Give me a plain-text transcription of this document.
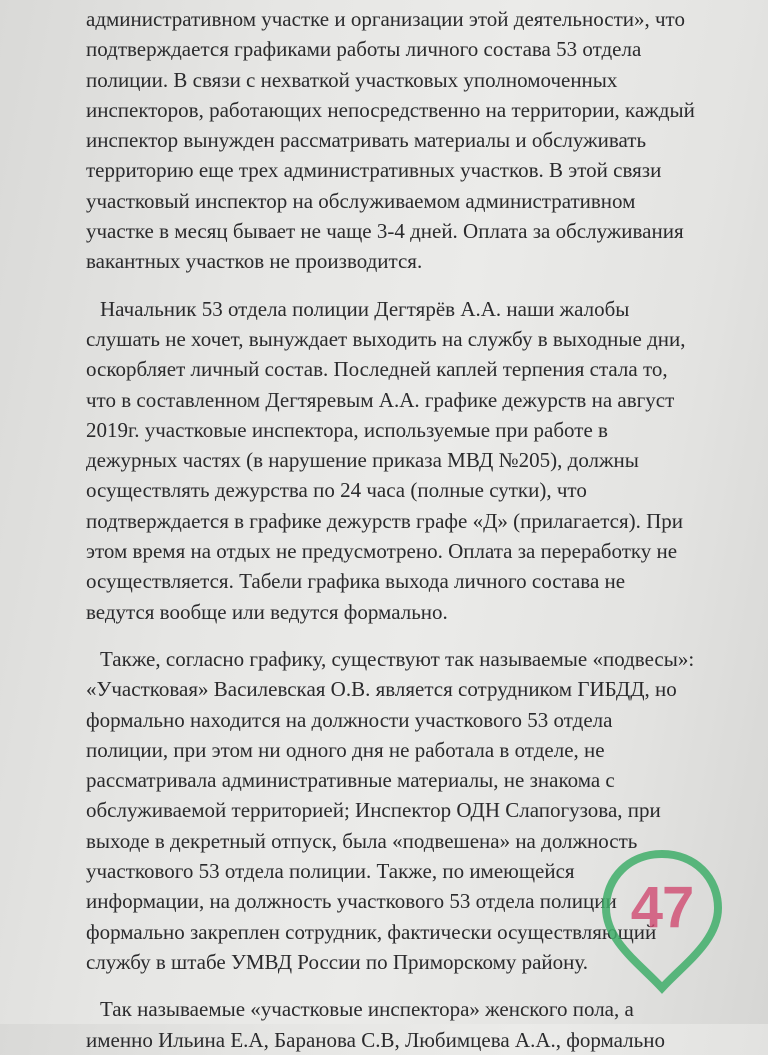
административном участке и организации этой деятельности», что
подтверждается графиками работы личного состава 53 отдела
полиции. В связи с нехваткой участковых уполномоченных
инспекторов, работающих непосредственно на территории, каждый
инспектор вынужден рассматривать материалы и обслуживать
территорию еще трех административных участков. В этой связи
участковый инспектор на обслуживаемом административном
участке в месяц бывает не чаще 3-4 дней. Оплата за обслуживания
вакантных участков не производится.

Начальник 53 отдела полиции Дегтярёв А.А. наши жалобы
слушать не хочет, вынуждает выходить на службу в выходные дни,
оскорбляет личный состав. Последней каплей терпения стала то,
что в составленном Дегтяревым А.А. графике дежурств на август
2019г. участковые инспектора, используемые при работе в
дежурных частях (в нарушение приказа МВД №205), должны
осуществлять дежурства по 24 часа (полные сутки), что
подтверждается в графике дежурств графе «Д» (прилагается). При
этом время на отдых не предусмотрено. Оплата за переработку не
осуществляется. Табели графика выхода личного состава не
ведутся вообще или ведутся формально.

Также, согласно графику, существуют так называемые «подвесы»:
«Участковая» Василевская О.В. является сотрудником ГИБДД, но
формально находится на должности участкового 53 отдела
полиции, при этом ни одного дня не работала в отделе, не
рассматривала административные материалы, не знакома с
обслуживаемой территорией; Инспектор ОДН Слапогузова, при
выходе в декретный отпуск, была «подвешена» на должность
участкового 53 отдела полиции. Также, по имеющейся
информации, на должность участкового 53 отдела полиции
формально закреплен сотрудник, фактически осуществляющий
службу в штабе УМВД России по Приморскому району.

Так называемые «участковые инспектора» женского пола, а
именно Ильина Е.А, Баранова С.В, Любимцева А.А., формально

47
